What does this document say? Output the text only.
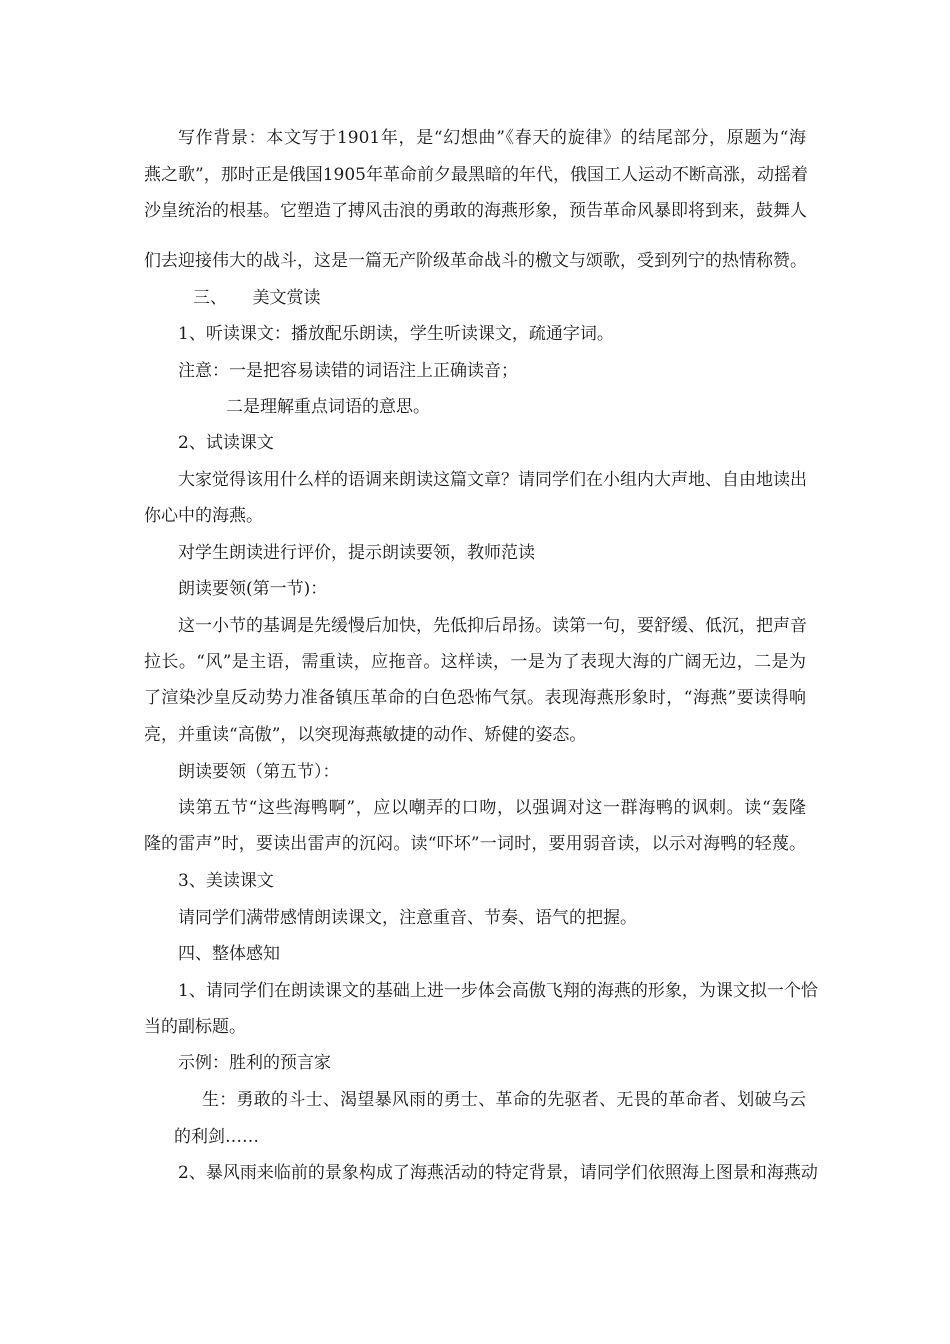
写作背景：本文写于1901年，是“幻想曲”《春天的旋律》的结尾部分，原题为“海
燕之歌”，那时正是俄国1905年革命前夕最黑暗的年代，俄国工人运动不断高涨，动摇着
沙皇统治的根基。它塑造了搏风击浪的勇敢的海燕形象，预告革命风暴即将到来，鼓舞人
们去迎接伟大的战斗，这是一篇无产阶级革命战斗的檄文与颂歌，受到列宁的热情称赞。
三、　　美文赏读
1、听读课文：播放配乐朗读，学生听读课文，疏通字词。
注意：一是把容易读错的词语注上正确读音；
二是理解重点词语的意思。
2、试读课文
大家觉得该用什么样的语调来朗读这篇文章？请同学们在小组内大声地、自由地读出
你心中的海燕。
对学生朗读进行评价，提示朗读要领，教师范读
朗读要领(第一节)：
这一小节的基调是先缓慢后加快，先低抑后昂扬。读第一句，要舒缓、低沉，把声音
拉长。“风”是主语，需重读，应拖音。这样读，一是为了表现大海的广阔无边，二是为
了渲染沙皇反动势力准备镇压革命的白色恐怖气氛。表现海燕形象时，“海燕”要读得响
亮，并重读“高傲”，以突现海燕敏捷的动作、矫健的姿态。
朗读要领（第五节）：
读第五节“这些海鸭啊”，应以嘲弄的口吻，以强调对这一群海鸭的讽刺。读“轰隆
隆的雷声”时，要读出雷声的沉闷。读“吓坏”一词时，要用弱音读，以示对海鸭的轻蔑。
3、美读课文
请同学们满带感情朗读课文，注意重音、节奏、语气的把握。
四、整体感知
1、请同学们在朗读课文的基础上进一步体会高傲飞翔的海燕的形象，为课文拟一个恰
当的副标题。
示例：胜利的预言家
生：勇敢的斗士、渴望暴风雨的勇士、革命的先驱者、无畏的革命者、划破乌云
的利剑……
2、暴风雨来临前的景象构成了海燕活动的特定背景，请同学们依照海上图景和海燕动
